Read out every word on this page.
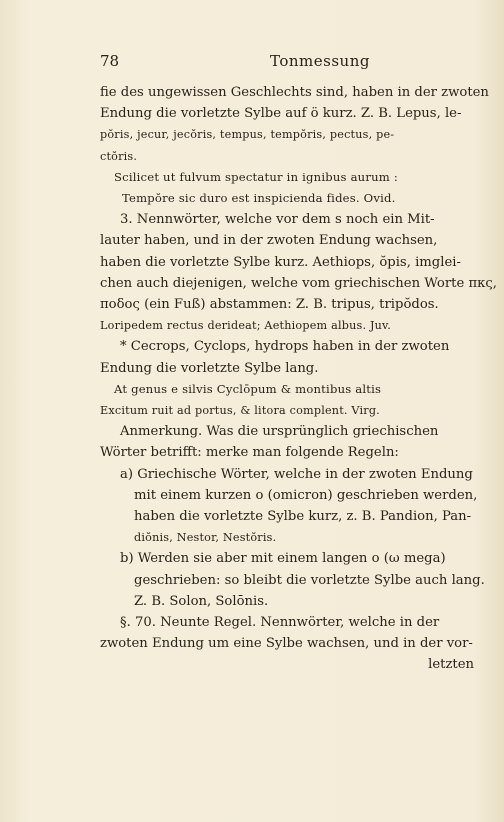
78	Tonmessung
fie des ungewissen Geschlechts sind, haben in der zwoten
Endung die vorletzte Sylbe auf ö kurz. Z. B. Lepus, le-
pŏris, jecur, jecŏris, tempus, tempŏris, pectus, pe-
ctŏris.
Scilicet ut fulvum spectatur in ignibus aurum :
Tempŏre sic duro est inspicienda fides. Ovid.
3. Nennwörter, welche vor dem s noch ein Mit-
lauter haben, und in der zwoten Endung wachsen,
haben die vorletzte Sylbe kurz. Aethiops, ŏpis, imglei-
chen auch diejenigen, welche vom griechischen Worte πκς,
ποδος (ein Fuß) abstammen: Z. B. tripus, tripŏdos.
Loripedem rectus derideat; Aethiopem albus. Juv.
* Cecrops, Cyclops, hydrops haben in der zwoten
Endung die vorletzte Sylbe lang.
At genus e silvis Cyclōpum & montibus altis
Excitum ruit ad portus, & litora complent. Virg.
Anmerkung. Was die ursprünglich griechischen
Wörter betrifft: merke man folgende Regeln:
a) Griechische Wörter, welche in der zwoten Endung
mit einem kurzen o (omicron) geschrieben werden,
haben die vorletzte Sylbe kurz, z. B. Pandion, Pan-
diŏnis, Nestor, Nestŏris.
b) Werden sie aber mit einem langen o (ω mega)
geschrieben: so bleibt die vorletzte Sylbe auch lang.
Z. B. Solon, Solōnis.
§. 70. Neunte Regel. Nennwörter, welche in der
zwoten Endung um eine Sylbe wachsen, und in der vor-
letzten
